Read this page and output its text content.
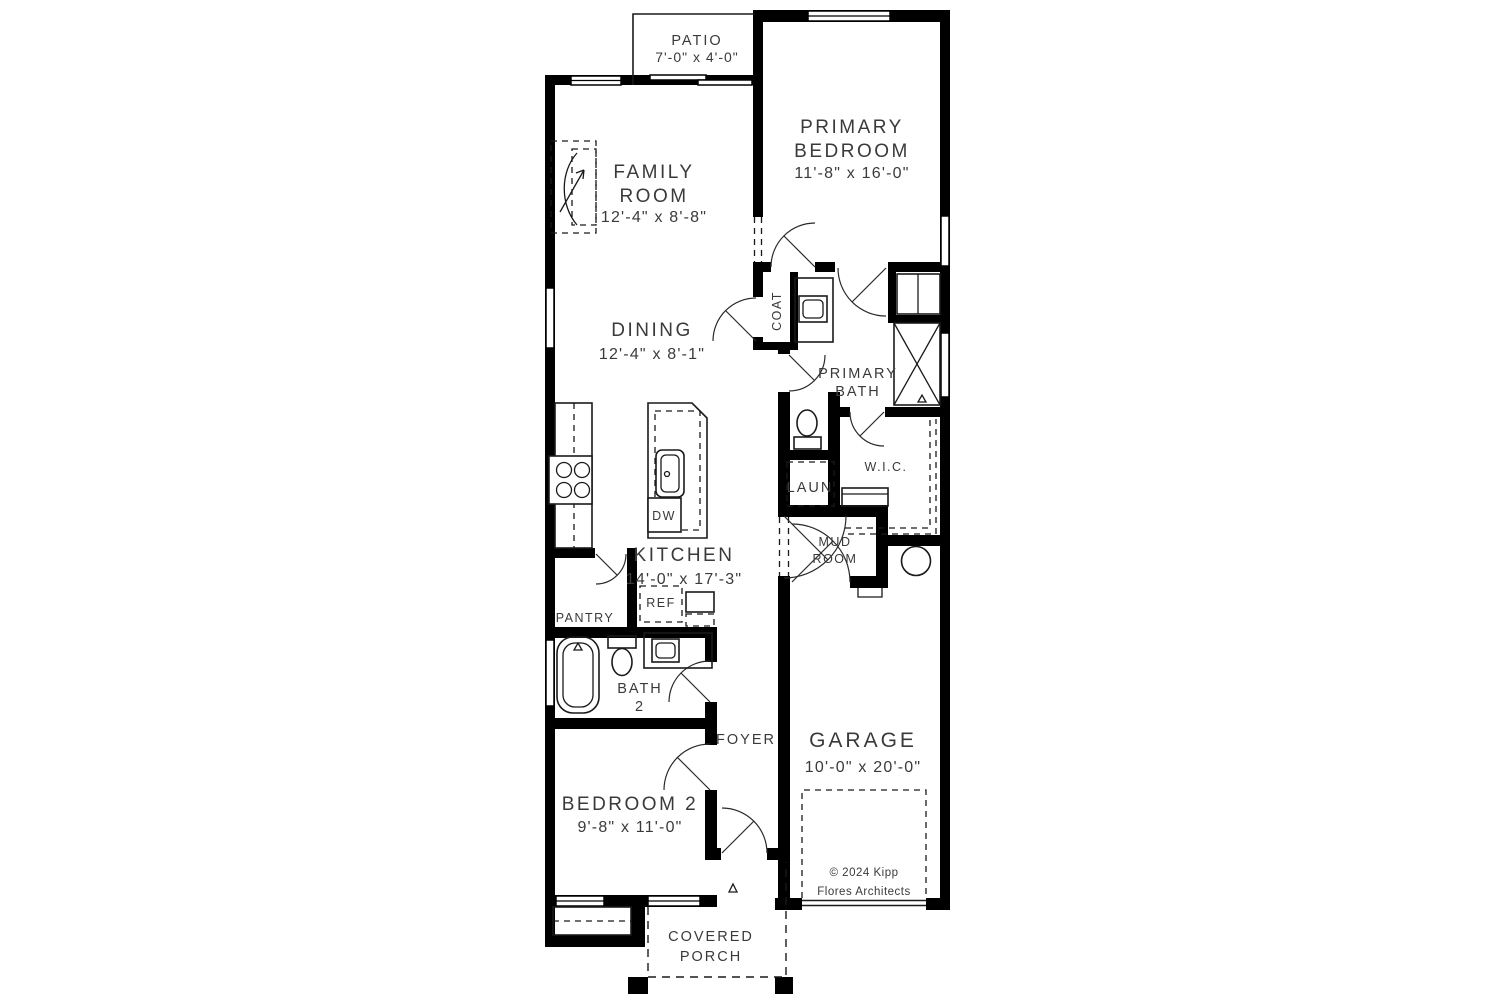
PATIO
7'-0" x 4'-0"
FAMILY
ROOM
12'-4" x 8'-8"
PRIMARY
BEDROOM
11'-8" x 16'-0"
DINING
12'-4" x 8'-1"
COAT
PRIMARY
BATH
W.I.C.
LAUN
MUD
ROOM
KITCHEN
14'-0" x 17'-3"
DW
REF
PANTRY
BATH
2
FOYER
BEDROOM 2
9'-8" x 11'-0"
GARAGE
10'-0" x 20'-0"
COVERED
PORCH
© 2024 Kipp
Flores Architects
